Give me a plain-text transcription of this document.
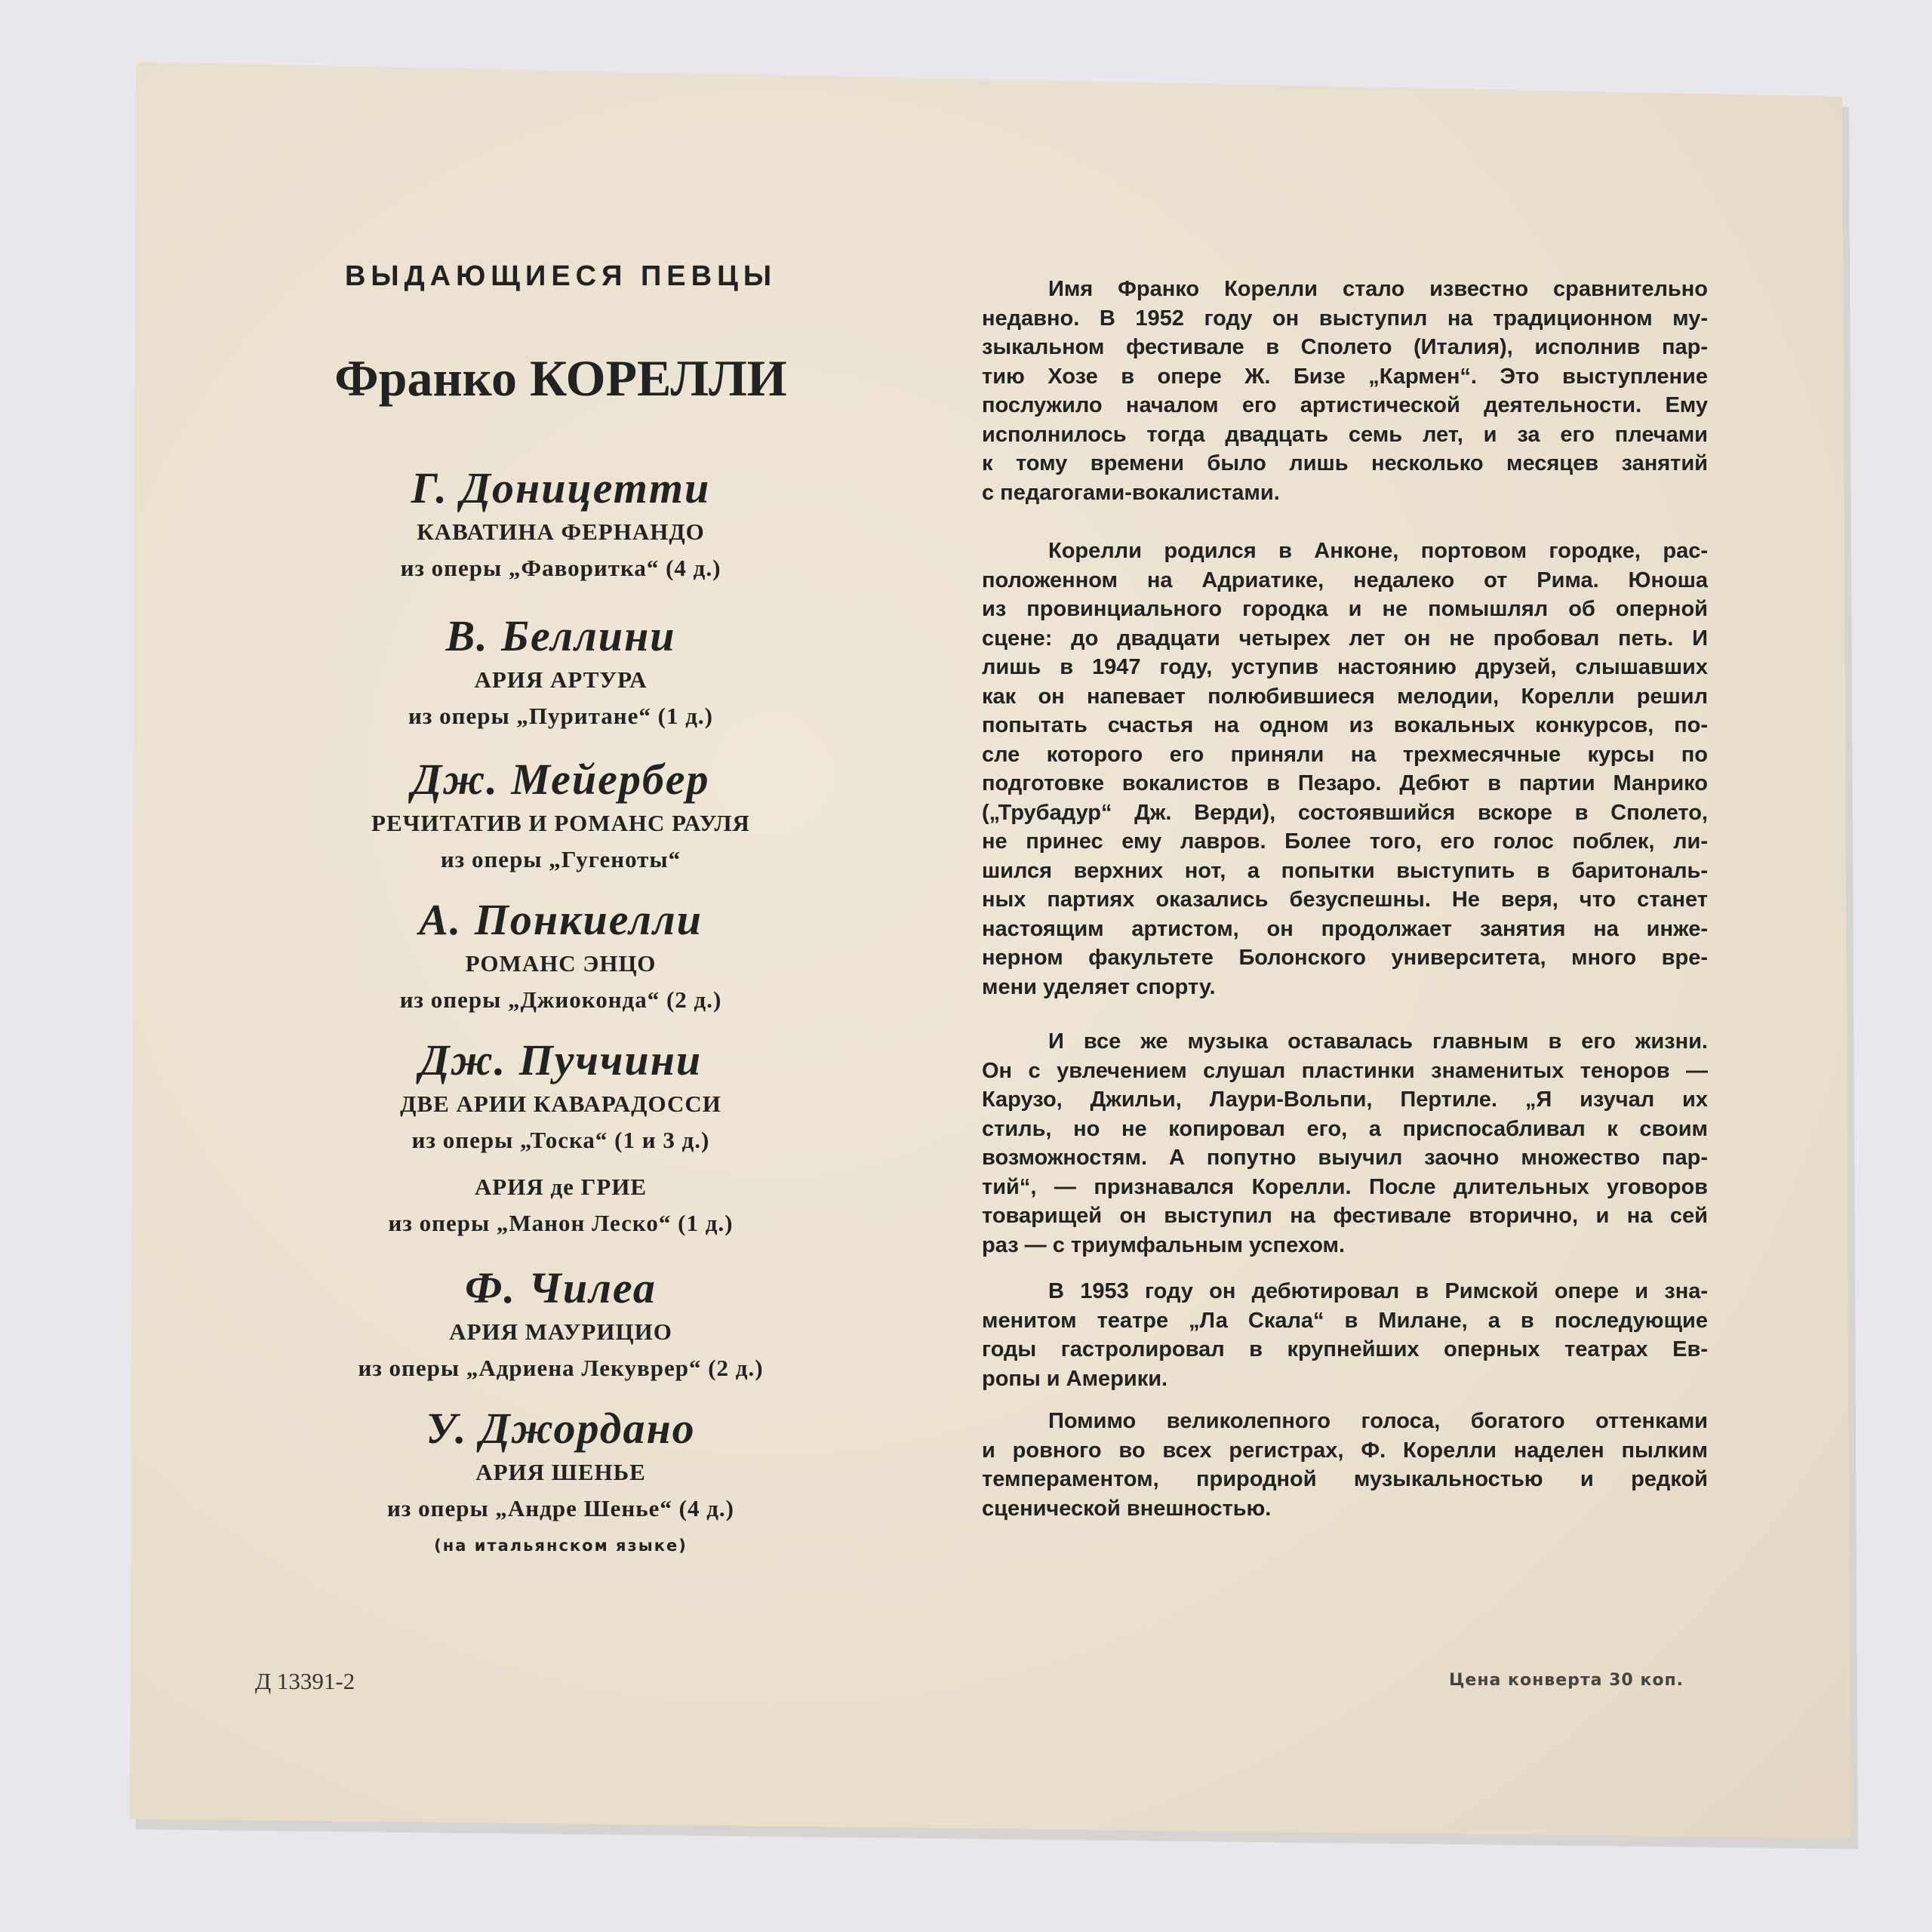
ВЫДАЮЩИЕСЯ ПЕВЦЫ
Франко КОРЕЛЛИ
Г. Доницетти
КАВАТИНА ФЕРНАНДО
из оперы „Фаворитка“ (4 д.)
В. Беллини
АРИЯ АРТУРА
из оперы „Пуритане“ (1 д.)
Дж. Мейербер
РЕЧИТАТИВ И РОМАНС РАУЛЯ
из оперы „Гугеноты“
А. Понкиелли
РОМАНС ЭНЦО
из оперы „Джиоконда“ (2 д.)
Дж. Пуччини
ДВЕ АРИИ КАВАРАДОССИ
из оперы „Тоска“ (1 и 3 д.)
АРИЯ де ГРИЕ
из оперы „Манон Леско“ (1 д.)
Ф. Чилеа
АРИЯ МАУРИЦИО
из оперы „Адриена Лекуврер“ (2 д.)
У. Джордано
АРИЯ ШЕНЬЕ
из оперы „Андре Шенье“ (4 д.)
(на итальянском языке)
Имя Франко Корелли стало известно сравнительно
недавно. В 1952 году он выступил на традиционном му-
зыкальном фестивале в Сполето (Италия), исполнив пар-
тию Хозе в опере Ж. Бизе „Кармен“. Это выступление
послужило началом его артистической деятельности. Ему
исполнилось тогда двадцать семь лет, и за его плечами
к тому времени было лишь несколько месяцев занятий
с педагогами-вокалистами.
Корелли родился в Анконе, портовом городке, рас-
положенном на Адриатике, недалеко от Рима. Юноша
из провинциального городка и не помышлял об оперной
сцене: до двадцати четырех лет он не пробовал петь. И
лишь в 1947 году, уступив настоянию друзей, слышавших
как он напевает полюбившиеся мелодии, Корелли решил
попытать счастья на одном из вокальных конкурсов, по-
сле которого его приняли на трехмесячные курсы по
подготовке вокалистов в Пезаро. Дебют в партии Манрико
(„Трубадур“ Дж. Верди), состоявшийся вскоре в Сполето,
не принес ему лавров. Более того, его голос поблек, ли-
шился верхних нот, а попытки выступить в баритональ-
ных партиях оказались безуспешны. Не веря, что станет
настоящим артистом, он продолжает занятия на инже-
нерном факультете Болонского университета, много вре-
мени уделяет спорту.
И все же музыка оставалась главным в его жизни.
Он с увлечением слушал пластинки знаменитых теноров —
Карузо, Джильи, Лаури-Вольпи, Пертиле. „Я изучал их
стиль, но не копировал его, а приспосабливал к своим
возможностям. А попутно выучил заочно множество пар-
тий“, — признавался Корелли. После длительных уговоров
товарищей он выступил на фестивале вторично, и на сей
раз — с триумфальным успехом.
В 1953 году он дебютировал в Римской опере и зна-
менитом театре „Ла Скала“ в Милане, а в последующие
годы гастролировал в крупнейших оперных театрах Ев-
ропы и Америки.
Помимо великолепного голоса, богатого оттенками
и ровного во всех регистрах, Ф. Корелли наделен пылким
темпераментом, природной музыкальностью и редкой
сценической внешностью.
Д 13391-2	Цена конверта 30 коп.
